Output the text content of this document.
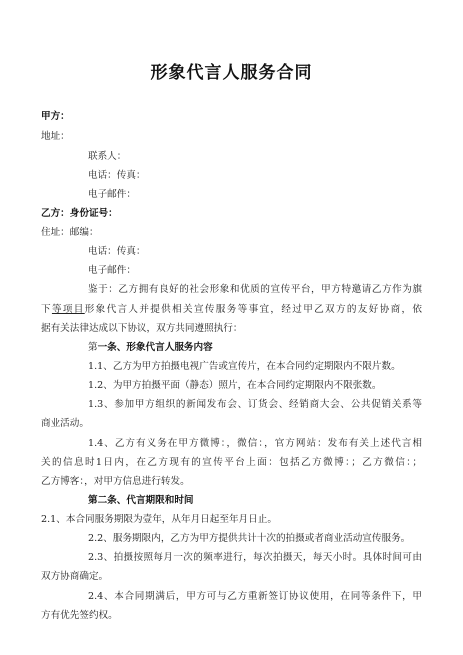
形象代言人服务合同
甲方：
地址：
联系人：
电话：传真：
电子邮件：
乙方：身份证号：
住址：邮编：
电话：传真：
电子邮件：
鉴于：乙方拥有良好的社会形象和优质的宣传平台，甲方特邀请乙方作为旗
下等项目形象代言人并提供相关宣传服务等事宜，经过甲乙双方的友好协商，依
据有关法律达成以下协议，双方共同遵照执行：
第一条、形象代言人服务内容
1.1、乙方为甲方拍摄电视广告或宣传片，在本合同约定期限内不限片数。
1.2、为甲方拍摄平面（静态）照片，在本合同约定期限内不限张数。
1.3、参加甲方组织的新闻发布会、订货会、经销商大会、公共促销关系等
商业活动。
1.4、乙方有义务在甲方微博：，微信：，官方网站：发布有关上述代言相
关的信息时1日内，在乙方现有的宣传平台上面：包括乙方微博：；乙方微信：；
乙方博客：，对甲方信息进行转发。
第二条、代言期限和时间
2.1、本合同服务期限为壹年，从年月日起至年月日止。
2.2、服务期限内，乙方为甲方提供共计十次的拍摄或者商业活动宣传服务。
2.3、拍摄按照每月一次的频率进行，每次拍摄天，每天小时。具体时间可由
双方协商确定。
2.4、本合同期满后，甲方可与乙方重新签订协议使用，在同等条件下，甲
方有优先签约权。
